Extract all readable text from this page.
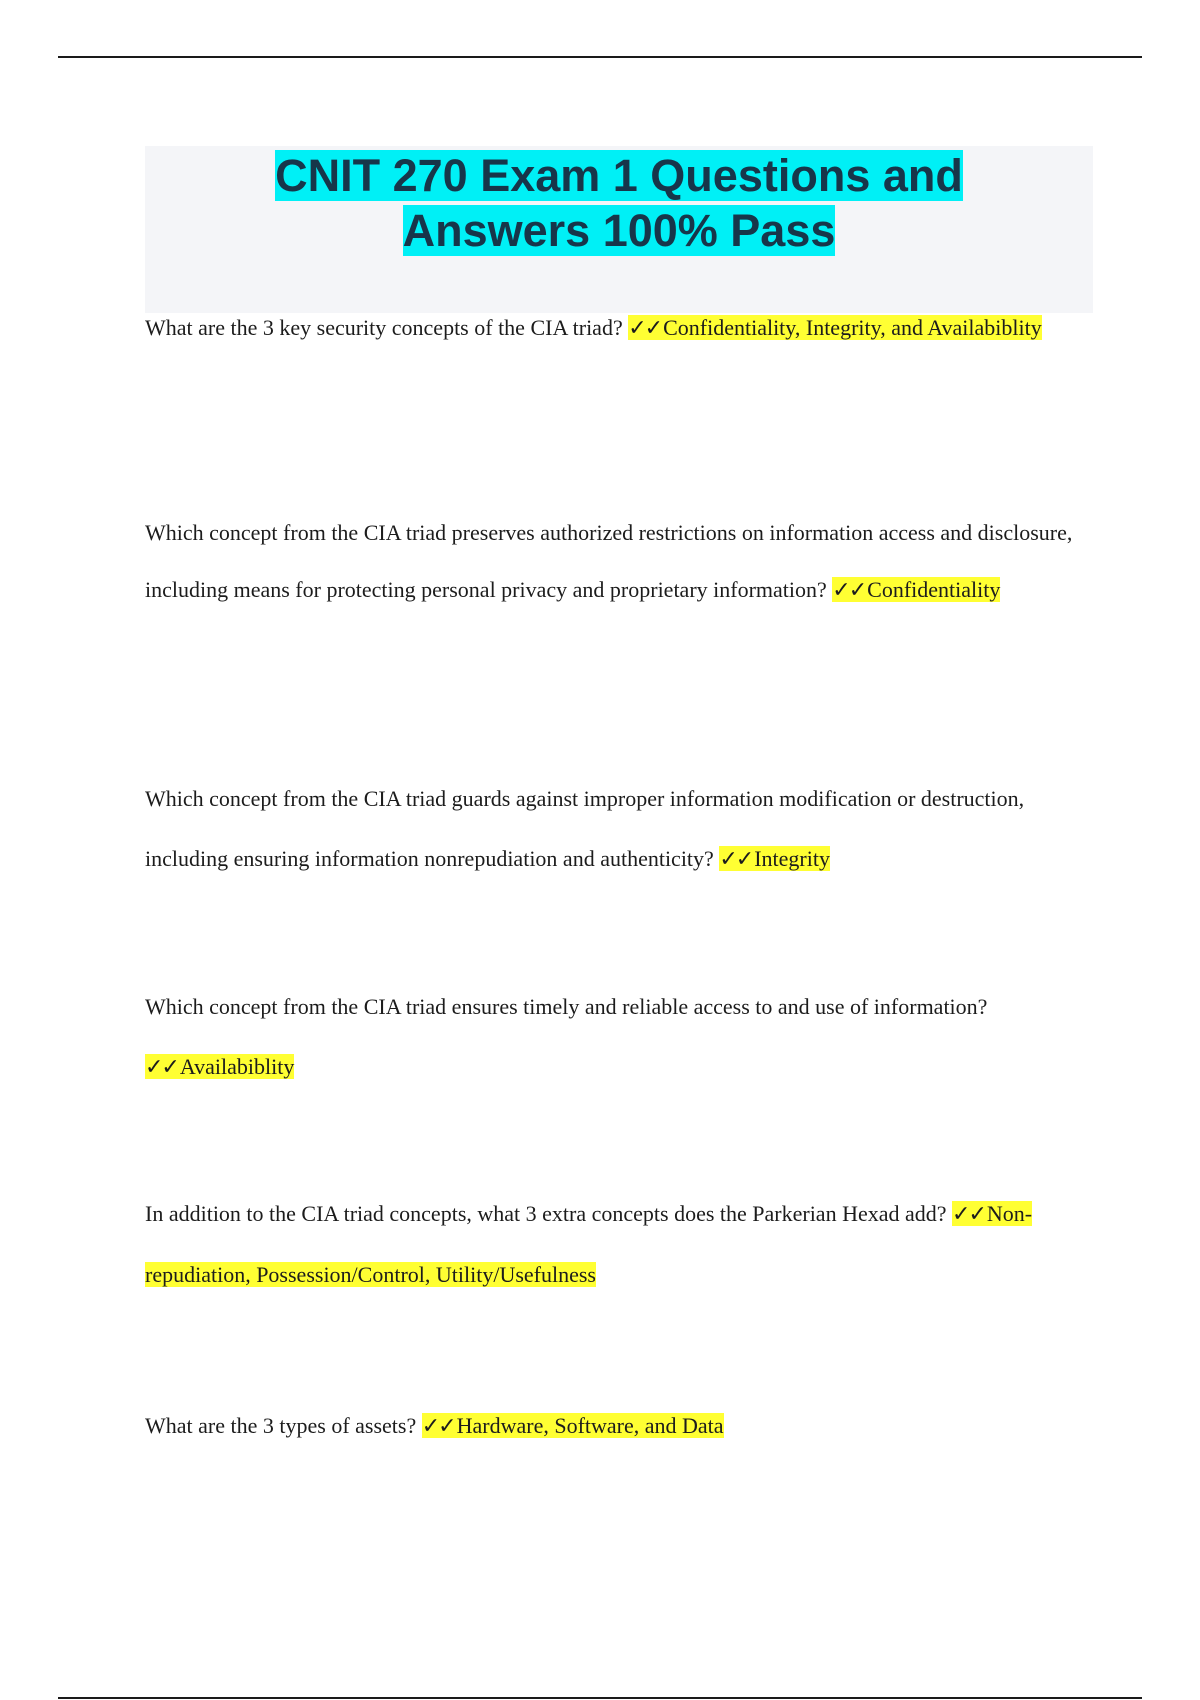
CNIT 270 Exam 1 Questions and
Answers 100% Pass

What are the 3 key security concepts of the CIA triad? ✓✓Confidentiality, Integrity, and Availabiblity

Which concept from the CIA triad preserves authorized restrictions on information access and disclosure, including means for protecting personal privacy and proprietary information? ✓✓Confidentiality

Which concept from the CIA triad guards against improper information modification or destruction, including ensuring information nonrepudiation and authenticity? ✓✓Integrity

Which concept from the CIA triad ensures timely and reliable access to and use of information? ✓✓Availabiblity

In addition to the CIA triad concepts, what 3 extra concepts does the Parkerian Hexad add? ✓✓Non-repudiation, Possession/Control, Utility/Usefulness

What are the 3 types of assets? ✓✓Hardware, Software, and Data
